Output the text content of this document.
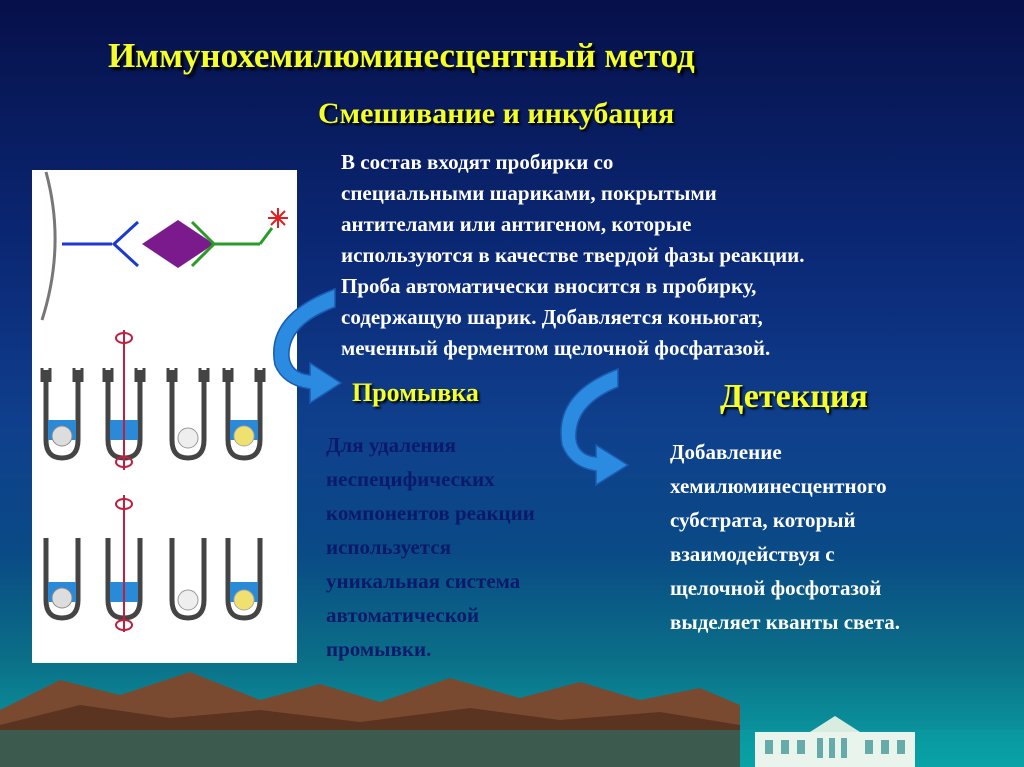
Иммунохемилюминесцентный метод
Смешивание и инкубация

В состав входят пробирки со
специальными шариками, покрытыми
антителами или антигеном, которые
используются в качестве твердой фазы реакции.
Проба автоматически вносится в пробирку,
содержащую шарик. Добавляется коньюгат,
меченный ферментом щелочной фосфатазой.

Промывка	Детекция

Для удаления
неспецифических
компонентов реакции
используется
уникальная система
автоматической
промывки.

Добавление
хемилюминесцентного
субстрата, который
взаимодействуя с
щелочной фосфотазой
выделяет кванты света.
